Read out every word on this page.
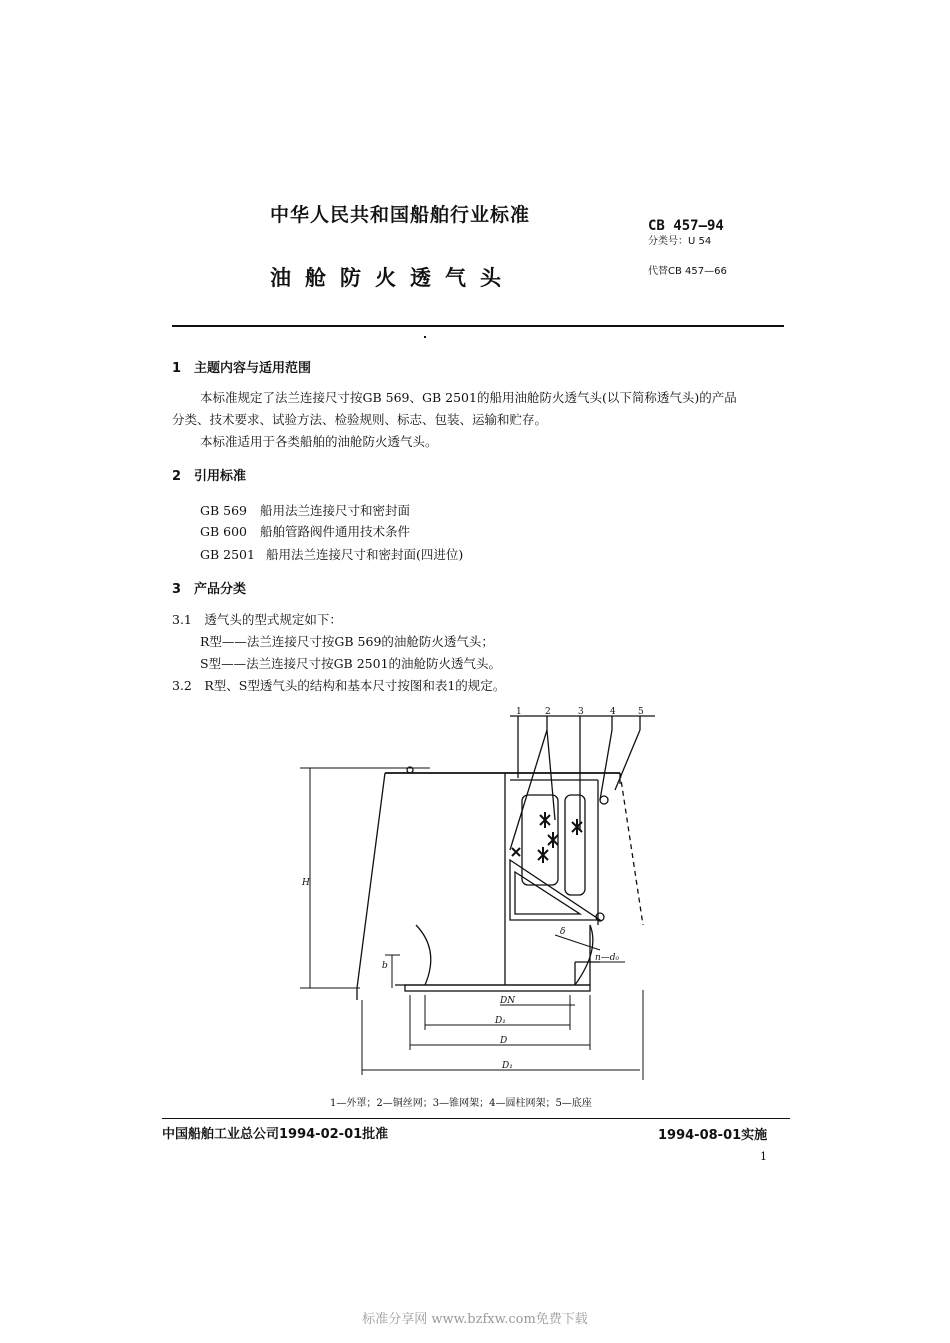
中华人民共和国船舶行业标准
油舱防火透气头
CB 457—94
分类号：U 54
代替CB 457—66
1　主题内容与适用范围
本标准规定了法兰连接尺寸按GB 569、GB 2501的船用油舱防火透气头(以下简称透气头)的产品
分类、技术要求、试验方法、检验规则、标志、包装、运输和贮存。
本标准适用于各类船舶的油舱防火透气头。
2　引用标准
GB 569 船用法兰连接尺寸和密封面
GB 600 船舶管路阀件通用技术条件
GB 2501 船用法兰连接尺寸和密封面(四进位)
3　产品分类
3.1　透气头的型式规定如下：
R型——法兰连接尺寸按GB 569的油舱防火透气头；
S型——法兰连接尺寸按GB 2501的油舱防火透气头。
3.2　R型、S型透气头的结构和基本尺寸按图和表1的规定。
1	2	3	4 5
H
b
δ
n—d₀
DN
D₁
D
D₁
1—外罩；2—铜丝网；3—锥网架；4—圆柱网架；5—底座
中国船舶工业总公司1994-02-01批准	1994-08-01实施
1
标准分享网 www.bzfxw.com免费下载
